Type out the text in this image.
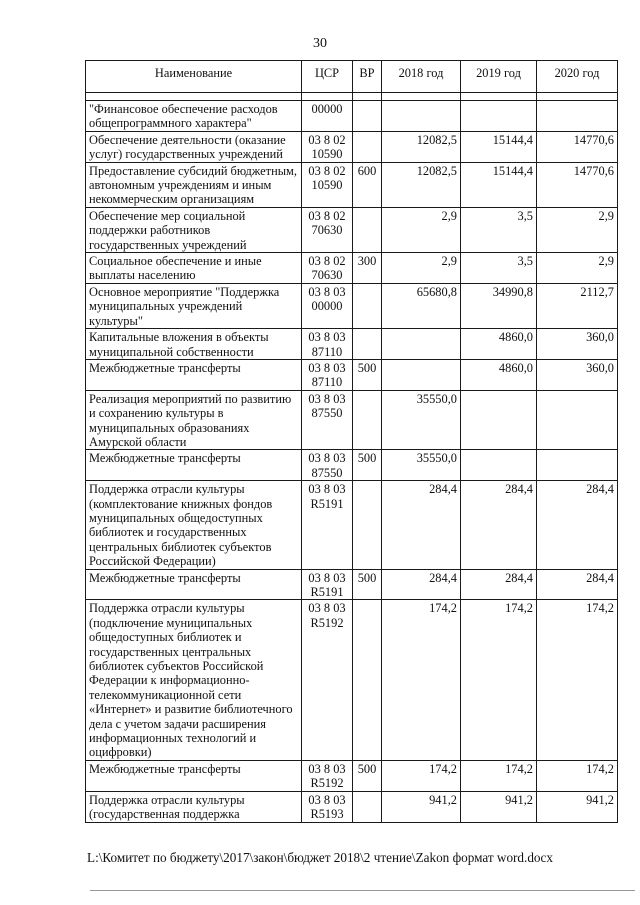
30
Наименование	ЦСР	ВР	2018 год	2019 год	2020 год

"Финансовое обеспечение расходов общепрограммного характера"	00000				
Обеспечение деятельности (оказание услуг) государственных учреждений	03 8 02 10590		12082,5	15144,4	14770,6
Предоставление субсидий бюджетным, автономным учреждениям и иным некоммерческим организациям	03 8 02 10590	600	12082,5	15144,4	14770,6
Обеспечение мер социальной поддержки работников государственных учреждений	03 8 02 70630		2,9	3,5	2,9
Социальное обеспечение и иные выплаты населению	03 8 02 70630	300	2,9	3,5	2,9
Основное мероприятие "Поддержка муниципальных учреждений культуры"	03 8 03 00000		65680,8	34990,8	2112,7
Капитальные вложения в объекты муниципальной собственности	03 8 03 87110			4860,0	360,0
Межбюджетные трансферты	03 8 03 87110	500		4860,0	360,0
Реализация мероприятий по развитию и сохранению культуры в муниципальных образованиях Амурской области	03 8 03 87550		35550,0		
Межбюджетные трансферты	03 8 03 87550	500	35550,0		
Поддержка отрасли культуры (комплектование книжных фондов муниципальных общедоступных библиотек и государственных центральных библиотек субъектов Российской Федерации)	03 8 03 R5191		284,4	284,4	284,4
Межбюджетные трансферты	03 8 03 R5191	500	284,4	284,4	284,4
Поддержка отрасли культуры (подключение муниципальных общедоступных библиотек и государственных центральных библиотек субъектов Российской Федерации к информационно-телекоммуникационной сети «Интернет» и развитие библиотечного дела с учетом задачи расширения информационных технологий и оцифровки)	03 8 03 R5192		174,2	174,2	174,2
Межбюджетные трансферты	03 8 03 R5192	500	174,2	174,2	174,2
Поддержка отрасли культуры (государственная поддержка	03 8 03 R5193		941,2	941,2	941,2
L:\Комитет по бюджету\2017\закон\бюджет 2018\2 чтение\Zakon формат word.docx
